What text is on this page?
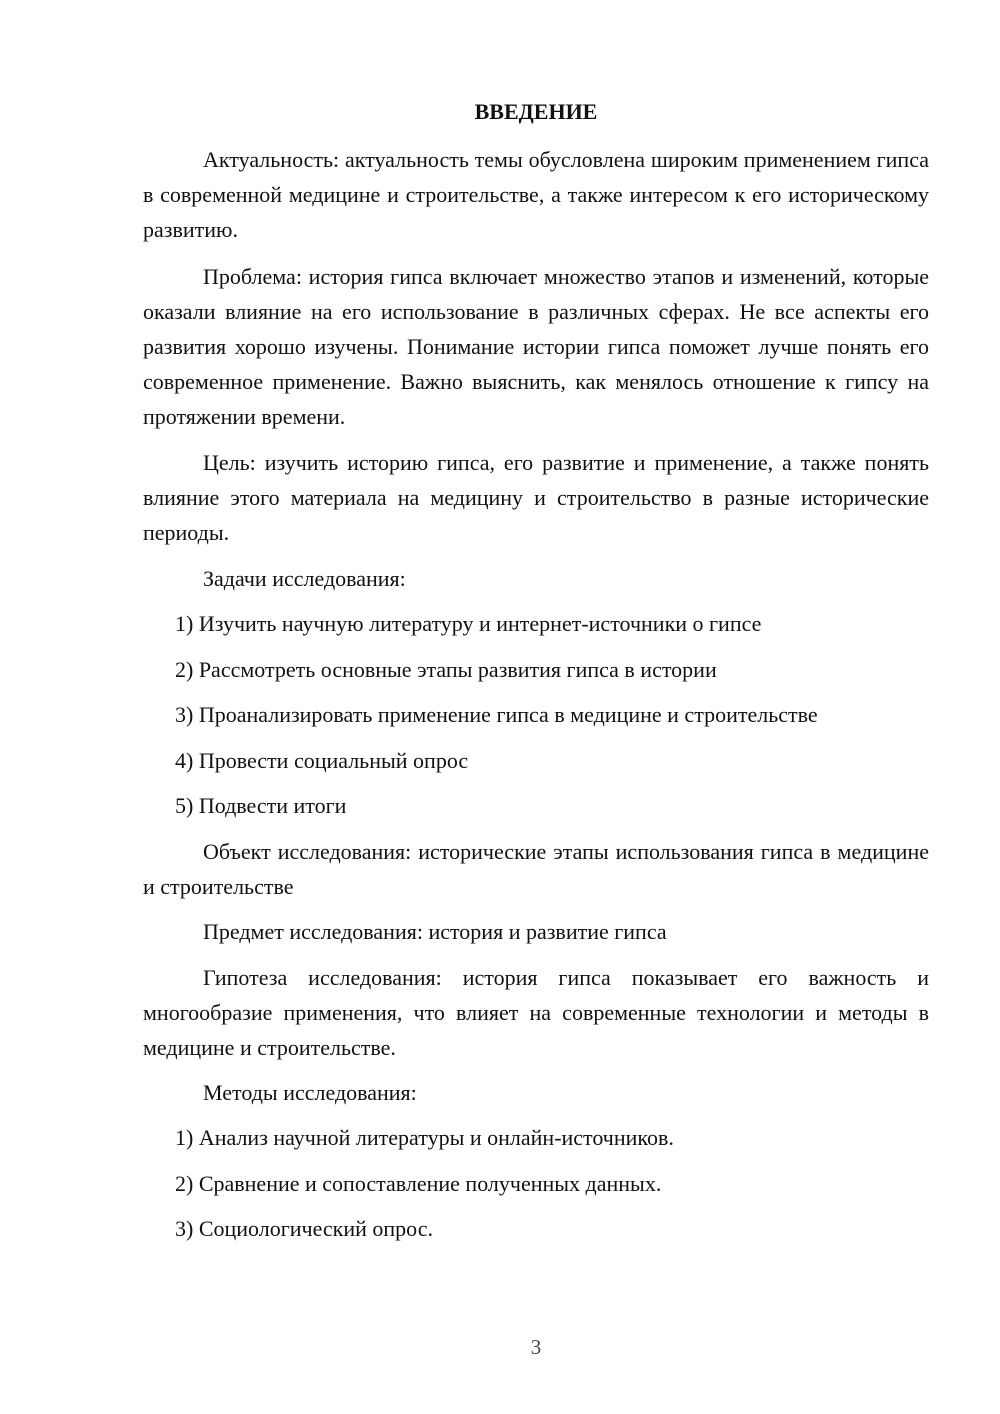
ВВЕДЕНИЕ

Актуальность: актуальность темы обусловлена широким применением гипса в современной медицине и строительстве, а также интересом к его историческому развитию.

Проблема: история гипса включает множество этапов и изменений, которые оказали влияние на его использование в различных сферах. Не все аспекты его развития хорошо изучены. Понимание истории гипса поможет лучше понять его современное применение. Важно выяснить, как менялось отношение к гипсу на протяжении времени.

Цель: изучить историю гипса, его развитие и применение, а также понять влияние этого материала на медицину и строительство в разные исторические периоды.

Задачи исследования:
1) Изучить научную литературу и интернет-источники о гипсе
2) Рассмотреть основные этапы развития гипса в истории
3) Проанализировать применение гипса в медицине и строительстве
4) Провести социальный опрос
5) Подвести итоги

Объект исследования: исторические этапы использования гипса в медицине и строительстве

Предмет исследования: история и развитие гипса

Гипотеза исследования: история гипса показывает его важность и многообразие применения, что влияет на современные технологии и методы в медицине и строительстве.

Методы исследования:
1) Анализ научной литературы и онлайн-источников.
2) Сравнение и сопоставление полученных данных.
3) Социологический опрос.
3
